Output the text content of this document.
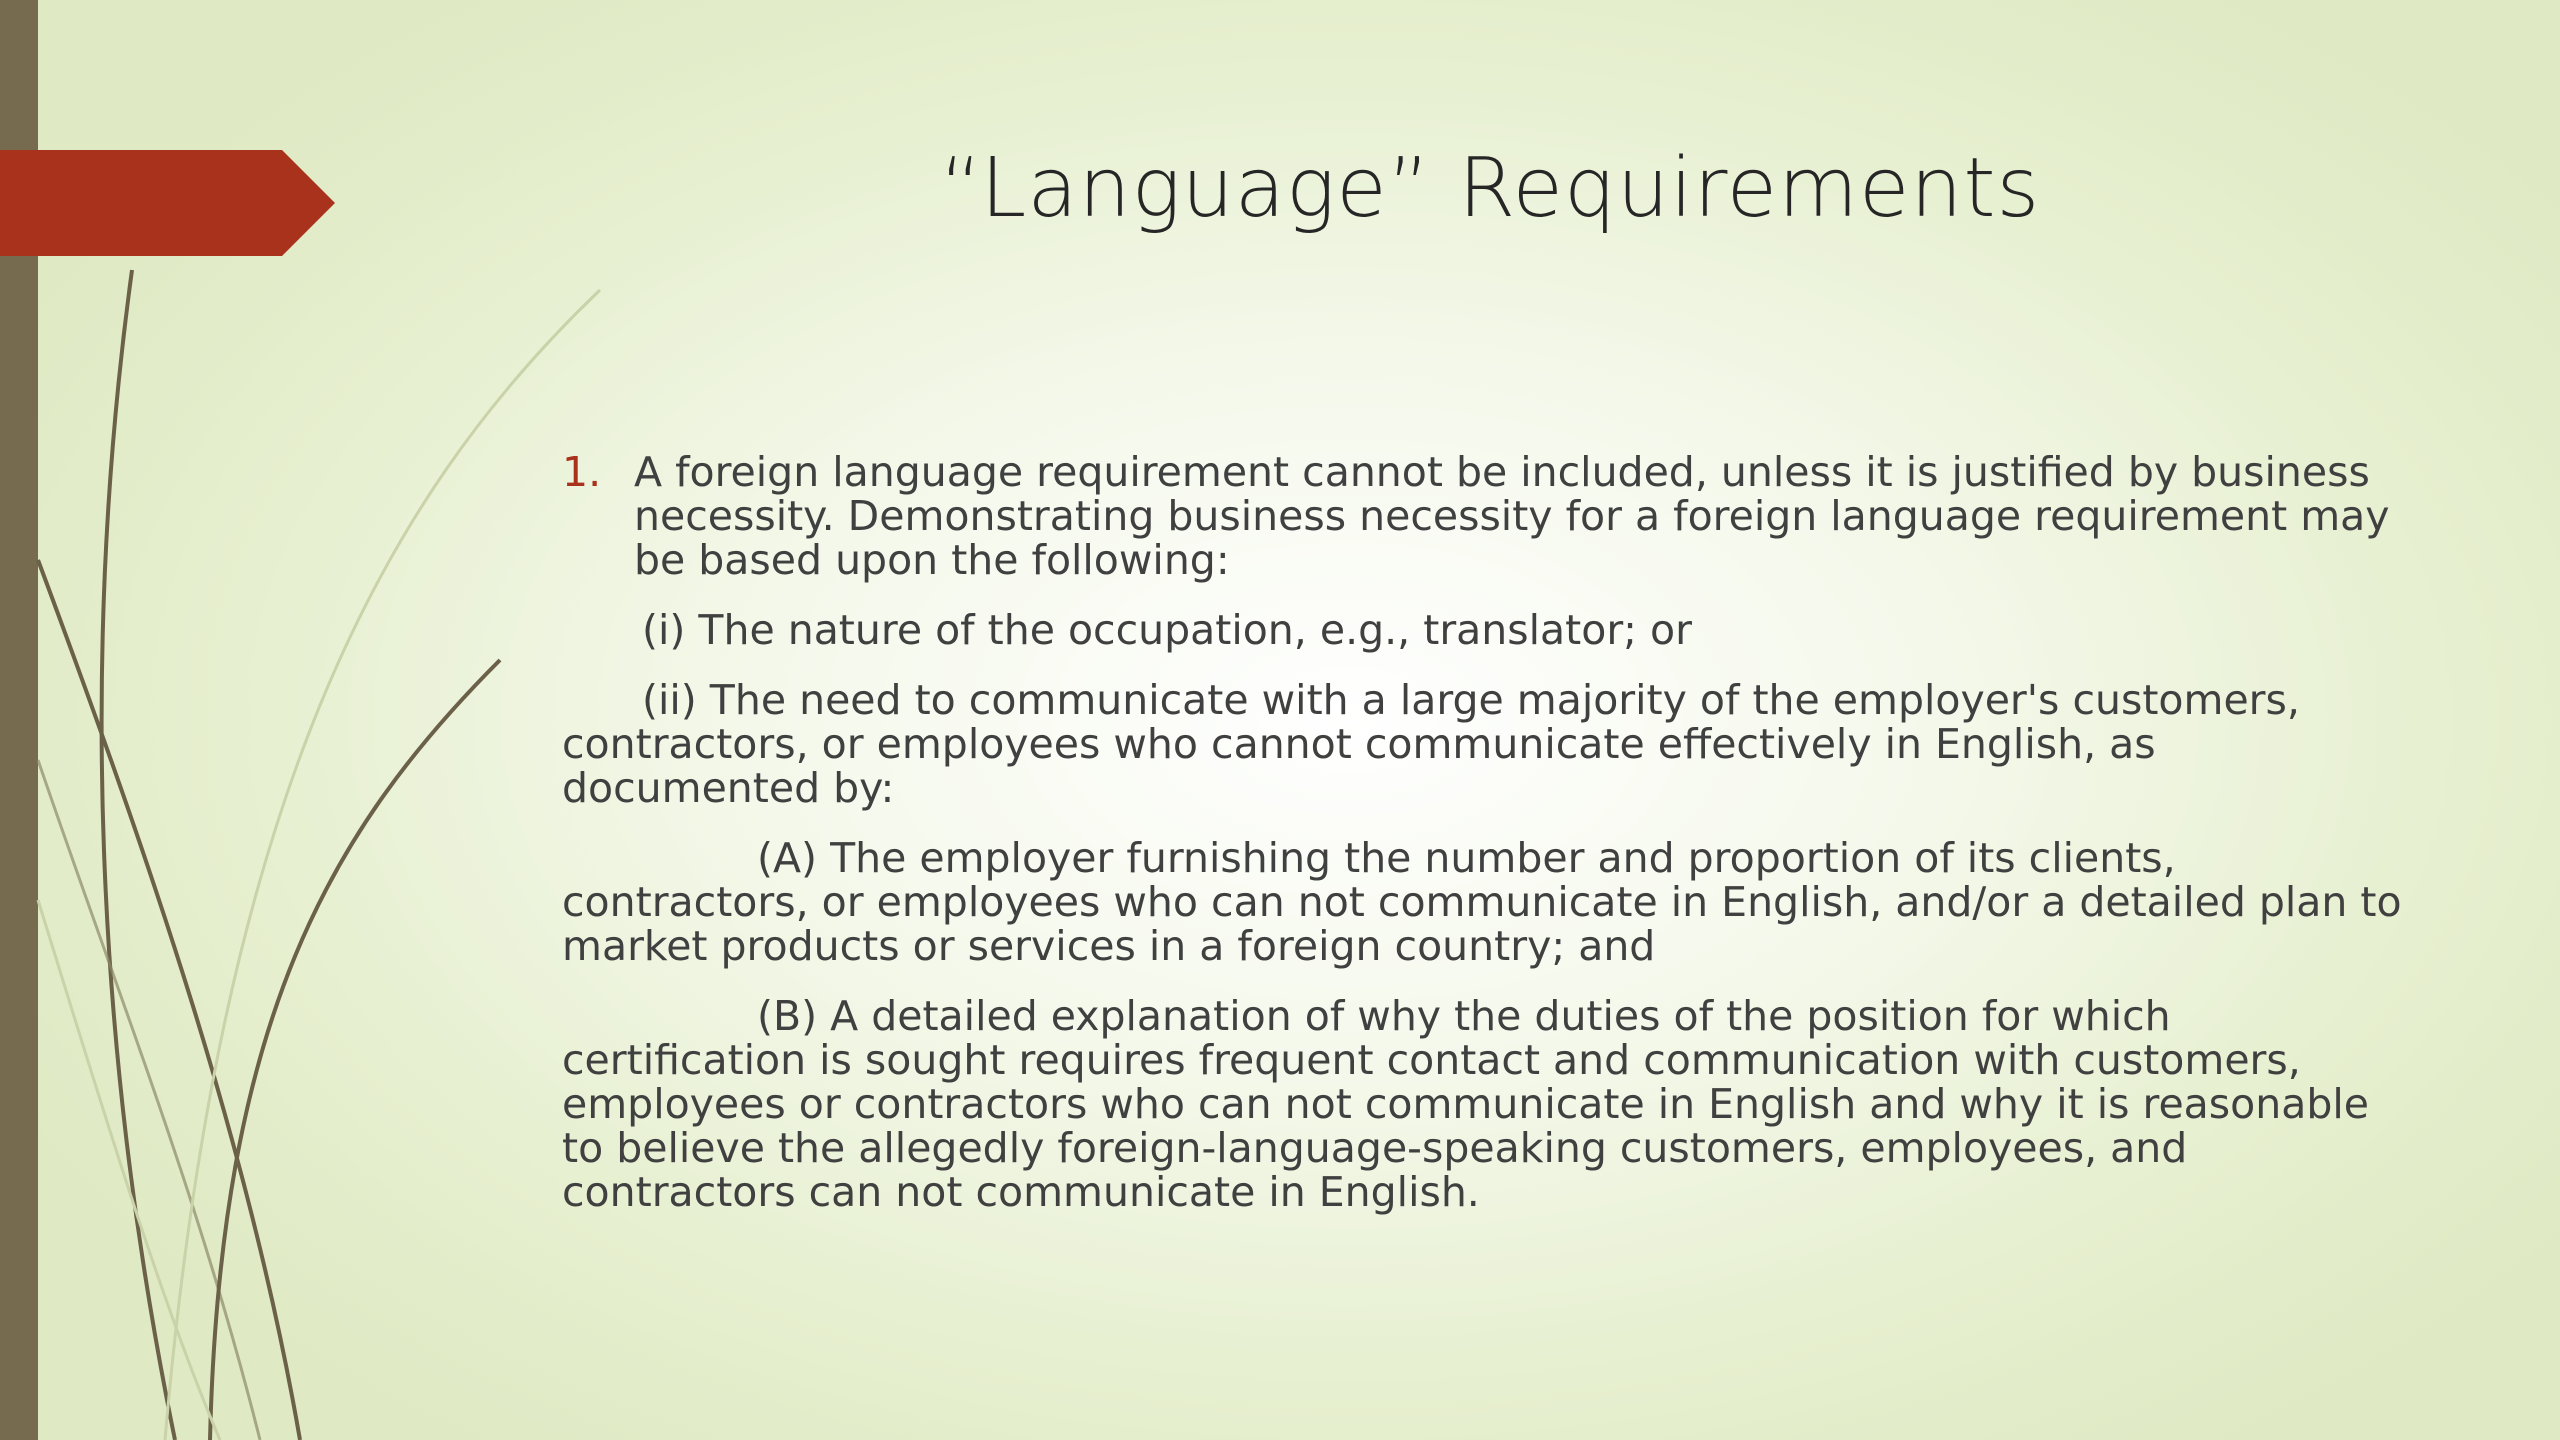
“Language” Requirements
1. A foreign language requirement cannot be included, unless it is justified by business necessity. Demonstrating business necessity for a foreign language requirement may be based upon the following:
(i) The nature of the occupation, e.g., translator; or
(ii) The need to communicate with a large majority of the employer's customers, contractors, or employees who cannot communicate effectively in English, as documented by:
(A) The employer furnishing the number and proportion of its clients, contractors, or employees who can not communicate in English, and/or a detailed plan to market products or services in a foreign country; and
(B) A detailed explanation of why the duties of the position for which certification is sought requires frequent contact and communication with customers, employees or contractors who can not communicate in English and why it is reasonable to believe the allegedly foreign-language-speaking customers, employees, and contractors can not communicate in English.
